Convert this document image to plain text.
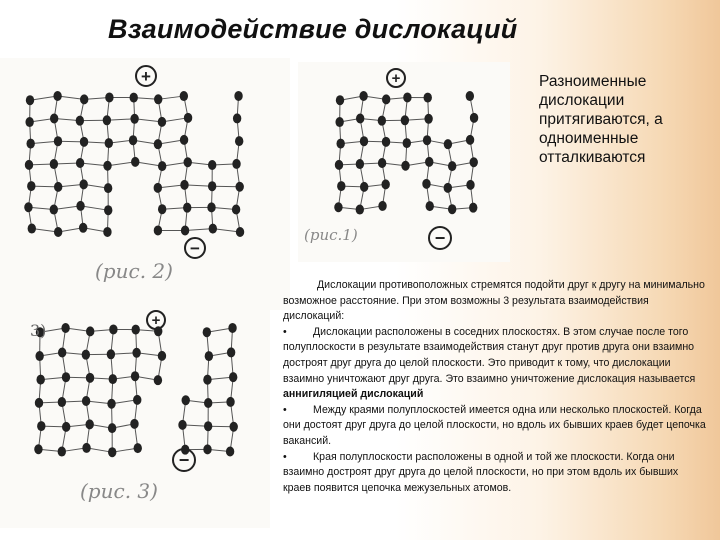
Взаимодействие дислокаций
+
−
(рис. 2)
+
−
(рис.1)
3)
+
−
(рис. 3)
Разноименные дислокации притягиваются, а одноименные отталкиваются

Дислокации противоположных стремятся подойти друг к другу на минимально возможное расстояние. При этом возможны 3 результата взаимодействия дислокаций:

• Дислокации расположены в соседних плоскостях. В этом случае после того полуплоскости в результате взаимодействия станут друг против друга они взаимно достроят друг друга до целой плоскости. Это приводит к тому, что дислокации взаимно уничтожают друг друга. Это взаимно уничтожение дислокация называется аннигиляцией дислокаций

• Между краями полуплоскостей имеется одна или несколько плоскостей. Когда они достоят друг друга до целой плоскости, но вдоль их бывших краев будет цепочка вакансий.

• Края полуплоскости расположены в одной и той же плоскости. Когда они взаимно достроят друг друга до целой плоскости, но при этом вдоль их бывших краев появится цепочка межузельных атомов.
